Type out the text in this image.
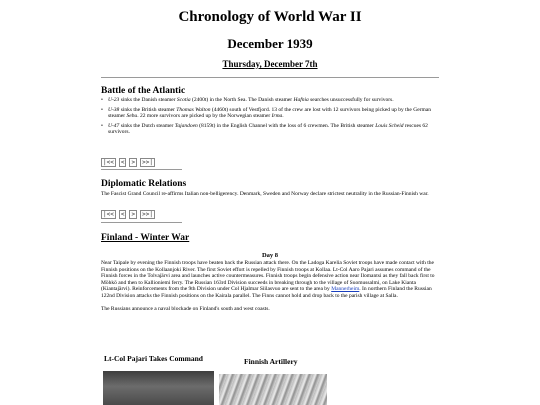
Chronology of World War II
December 1939
Thursday, December 7th
Battle of the Atlantic
• U-23 sinks the Danish steamer Scotia (2400t) in the North Sea. The Danish steamer Hafnia searches unsuccessfully for survivors.
• U-38 sinks the British steamer Thomas Walton (4460t) south of Vestfjord. 13 of the crew are lost with 12 survivors being picked up by the German steamer Sebu. 22 more survivors are picked up by the Norwegian steamer Irma.
• U-47 sinks the Dutch steamer Tajandoen (8159t) in the English Channel with the loss of 6 crewmen. The British steamer Louis Scheid rescues 62 survivors.
|<<	<	>	>>|
Diplomatic Relations

The Fascist Grand Council re-affirms Italian non-belligerency. Denmark, Sweden and Norway declare strictest neutrality in the Russian-Finnish war.

|<<	<	>	>>|
Finland - Winter War
Day 8

Near Taipale by evening the Finnish troops have beaten back the Russian attack there. On the Ladoga Karelia Soviet troops have made contact with the Finnish positions on the Kollaanjoki River. The first Soviet effort is repelled by Finnish troops at Kollaa. Lt-Col Aaro Pajari assumes command of the Finnish forces in the Tolvajärvi area and launches active countermeasures. Finnish troops begin defensive action near Ilomantsi as they fall back first to Möhkö and then to Kallioniemi ferry. The Russian 163rd Division succeeds in breaking through to the village of Suomussalmi, on Lake Kianta (Kiantajärvi). Reinforcements from the 9th Division under Col Hjalmar Siilasvuo are sent to the area by Mannerheim. In northern Finland the Russian 122nd Division attacks the Finnish positions on the Kairala parallel. The Finns cannot hold and drop back to the parish village at Salla.

The Russians announce a naval blockade on Finland's south and west coasts.

Lt-Col Pajari Takes Command	Finnish Artillery
